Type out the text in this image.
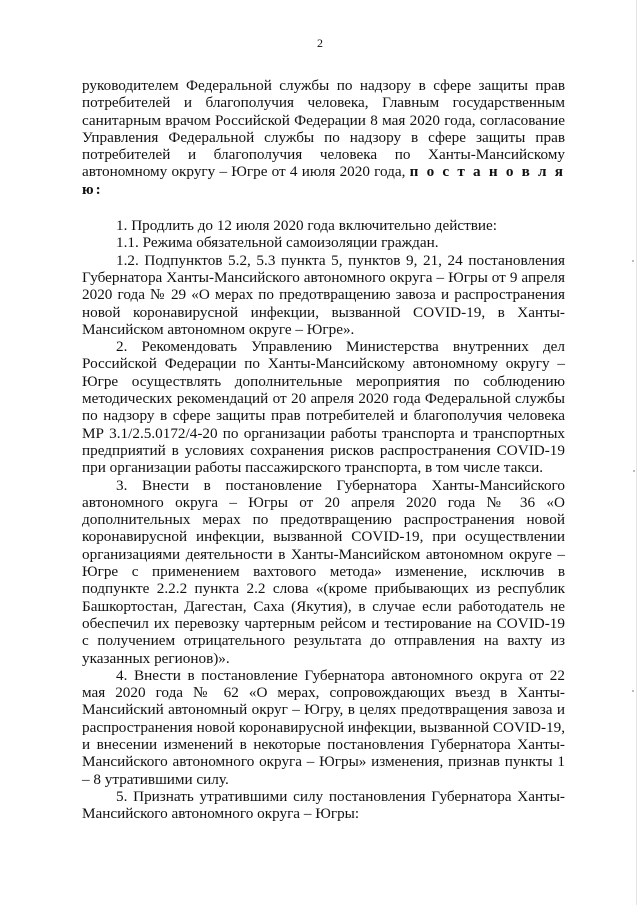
2

руководителем Федеральной службы по надзору в сфере защиты прав потребителей и благополучия человека, Главным государственным санитарным врачом Российской Федерации 8 мая 2020 года, согласование Управления Федеральной службы по надзору в сфере защиты прав потребителей и благополучия человека по Ханты-Мансийскому автономному округу – Югре от 4 июля 2020 года, п о с т а н о в л я ю:

1. Продлить до 12 июля 2020 года включительно действие:

1.1. Режима обязательной самоизоляции граждан.

1.2. Подпунктов 5.2, 5.3 пункта 5, пунктов 9, 21, 24 постановления Губернатора Ханты-Мансийского автономного округа – Югры от 9 апреля 2020 года № 29 «О мерах по предотвращению завоза и распространения новой коронавирусной инфекции, вызванной COVID-19, в Ханты-Мансийском автономном округе – Югре».

2. Рекомендовать Управлению Министерства внутренних дел Российской Федерации по Ханты-Мансийскому автономному округу – Югре осуществлять дополнительные мероприятия по соблюдению методических рекомендаций от 20 апреля 2020 года Федеральной службы по надзору в сфере защиты прав потребителей и благополучия человека МР 3.1/2.5.0172/4-20 по организации работы транспорта и транспортных предприятий в условиях сохранения рисков распространения COVID-19 при организации работы пассажирского транспорта, в том числе такси.

3. Внести в постановление Губернатора Ханты-Мансийского автономного округа – Югры от 20 апреля 2020 года № 36 «О дополнительных мерах по предотвращению распространения новой коронавирусной инфекции, вызванной COVID-19, при осуществлении организациями деятельности в Ханты-Мансийском автономном округе – Югре с применением вахтового метода» изменение, исключив в подпункте 2.2.2 пункта 2.2 слова «(кроме прибывающих из республик Башкортостан, Дагестан, Саха (Якутия), в случае если работодатель не обеспечил их перевозку чартерным рейсом и тестирование на COVID-19 с получением отрицательного результата до отправления на вахту из указанных регионов)».

4. Внести в постановление Губернатора автономного округа от 22 мая 2020 года № 62 «О мерах, сопровождающих въезд в Ханты-Мансийский автономный округ – Югру, в целях предотвращения завоза и распространения новой коронавирусной инфекции, вызванной COVID-19, и внесении изменений в некоторые постановления Губернатора Ханты-Мансийского автономного округа – Югры» изменения, признав пункты 1 – 8 утратившими силу.

5. Признать утратившими силу постановления Губернатора Ханты-Мансийского автономного округа – Югры:
